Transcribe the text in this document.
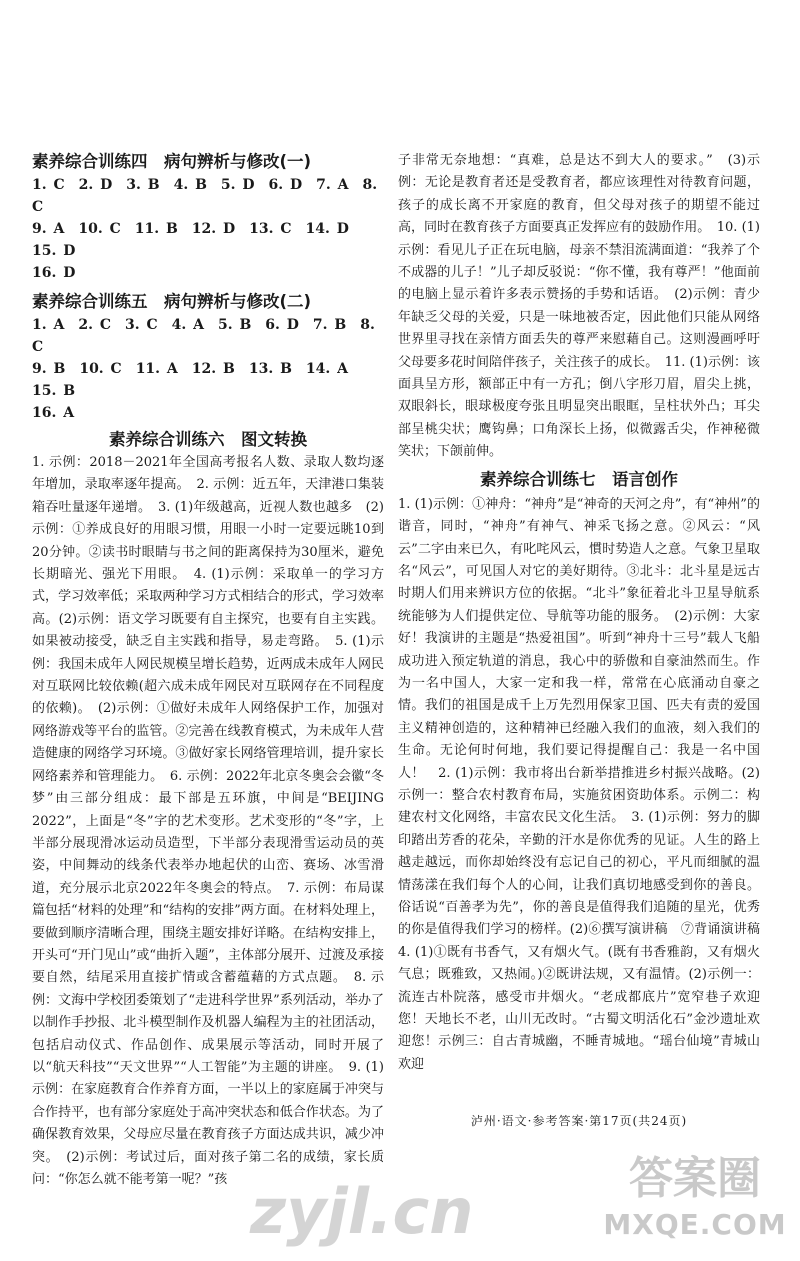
素养综合训练四　病句辨析与修改(一)
1. C　2. D　3. B　4. B　5. D　6. D　7. A　8. C
9. A　10. C　11. B　12. D　13. C　14. D　15. D
16. D
素养综合训练五　病句辨析与修改(二)
1. A　2. C　3. C　4. A　5. B　6. D　7. B　8. C
9. B　10. C　11. A　12. B　13. B　14. A　15. B
16. A
素养综合训练六　图文转换

1. 示例：2018－2021年全国高考报名人数、录取人数均逐年增加，录取率逐年提高。　2. 示例：近五年，天津港口集装箱吞吐量逐年递增。　3. (1)年级越高，近视人数也越多　(2)示例：①养成良好的用眼习惯，用眼一小时一定要远眺10到20分钟。②读书时眼睛与书之间的距离保持为30厘米，避免长期暗光、强光下用眼。　4. (1)示例：采取单一的学习方式，学习效率低；采取两种学习方式相结合的形式，学习效率高。(2)示例：语文学习既要有自主探究，也要有自主实践。如果被动接受，缺乏自主实践和指导，易走弯路。　5. (1)示例：我国未成年人网民规模呈增长趋势，近两成未成年人网民对互联网比较依赖(超六成未成年网民对互联网存在不同程度的依赖)。　(2)示例：①做好未成年人网络保护工作，加强对网络游戏等平台的监管。②完善在线教育模式，为未成年人营造健康的网络学习环境。③做好家长网络管理培训，提升家长网络素养和管理能力。　6. 示例：2022年北京冬奥会会徽“冬梦”由三部分组成：最下部是五环旗，中间是“BEIJING 2022”，上面是“冬”字的艺术变形。艺术变形的“冬”字，上半部分展现滑冰运动员造型，下半部分表现滑雪运动员的英姿，中间舞动的线条代表举办地起伏的山峦、赛场、冰雪滑道，充分展示北京2022年冬奥会的特点。　7. 示例：布局谋篇包括“材料的处理”和“结构的安排”两方面。在材料处理上，要做到顺序清晰合理，围绕主题安排好详略。在结构安排上，开头可“开门见山”或“曲折入题”，主体部分展开、过渡及承接要自然，结尾采用直接扩情或含蓄蕴藉的方式点题。　8. 示例：文海中学校团委策划了“走进科学世界”系列活动，举办了以制作手抄报、北斗模型制作及机器人编程为主的社团活动，包括启动仪式、作品创作、成果展示等活动，同时开展了以“航天科技”“天文世界”“人工智能”为主题的讲座。　9. (1)示例：在家庭教育合作养育方面，一半以上的家庭属于冲突与合作持平，也有部分家庭处于高冲突状态和低合作状态。为了确保教育效果，父母应尽量在教育孩子方面达成共识，减少冲突。　(2)示例：考试过后，面对孩子第二名的成绩，家长质问：“你怎么就不能考第一呢？”孩

子非常无奈地想：“真难，总是达不到大人的要求。”　(3)示例：无论是教育者还是受教育者，都应该理性对待教育问题，孩子的成长离不开家庭的教育，但父母对孩子的期望不能过高，同时在教育孩子方面要真正发挥应有的鼓励作用。　10. (1)示例：看见儿子正在玩电脑，母亲不禁泪流满面道：“我养了个不成器的儿子！”儿子却反驳说：“你不懂，我有尊严！”他面前的电脑上显示着许多表示赞扬的手势和话语。　(2)示例：青少年缺乏父母的关爱，只是一味地被否定，因此他们只能从网络世界里寻找在亲情方面丢失的尊严来慰藉自己。这则漫画呼吁父母要多花时间陪伴孩子，关注孩子的成长。　11. (1)示例：该面具呈方形，额部正中有一方孔；倒八字形刀眉，眉尖上挑，双眼斜长，眼球极度夸张且明显突出眼眶，呈柱状外凸；耳尖部呈桃尖状；鹰钩鼻；口角深长上扬，似微露舌尖，作神秘微笑状；下颌前伸。

素养综合训练七　语言创作

1. (1)示例：①神舟：“神舟”是“神奇的天河之舟”，有“神州”的谐音，同时，“神舟”有神气、神采飞扬之意。②风云：“风云”二字由来已久，有叱咤风云，慣时势造人之意。气象卫星取名“风云”，可见国人对它的美好期待。③北斗：北斗星是远古时期人们用来辨识方位的依据。“北斗”象征着北斗卫星导航系统能够为人们提供定位、导航等功能的服务。　(2)示例：大家好！我演讲的主题是“热爱祖国”。听到“神舟十三号”载人飞船成功进入预定轨道的消息，我心中的骄傲和自豪油然而生。作为一名中国人，大家一定和我一样，常常在心底涌动自豪之情。我们的祖国是成千上万先烈用保家卫国、匹夫有责的爱国主义精神创造的，这种精神已经融入我们的血液，刻入我们的生命。无论何时何地，我们要记得提醒自己：我是一名中国人！　2. (1)示例：我市将出台新举措推进乡村振兴战略。(2)示例一：整合农村教育布局，实施贫困资助体系。示例二：构建农村文化网络，丰富农民文化生活。　3. (1)示例：努力的脚印踏出芳香的花朵，辛勤的汗水是你优秀的见证。人生的路上越走越远，而你却始终没有忘记自己的初心，平凡而细腻的温情荡漾在我们每个人的心间，让我们真切地感受到你的善良。俗话说“百善孝为先”，你的善良是值得我们追随的星光，优秀的你是值得我们学习的榜样。(2)⑥撰写演讲稿　⑦背诵演讲稿　4. (1)①既有书香气，又有烟火气。(既有书香雅韵，又有烟火气息；既雅致，又热闹。)②既讲法规，又有温情。(2)示例一：流连古朴院落，感受市井烟火。“老成都底片”宽窄巷子欢迎您！天地长不老，山川无改时。“古蜀文明活化石”金沙遗址欢迎您！示例三：自古青城幽，不睡青城地。“瑶台仙境”青城山欢迎

泸州·语文·参考答案·第17页(共24页)
zyjl.cn	答案圈
MXQE.COM
